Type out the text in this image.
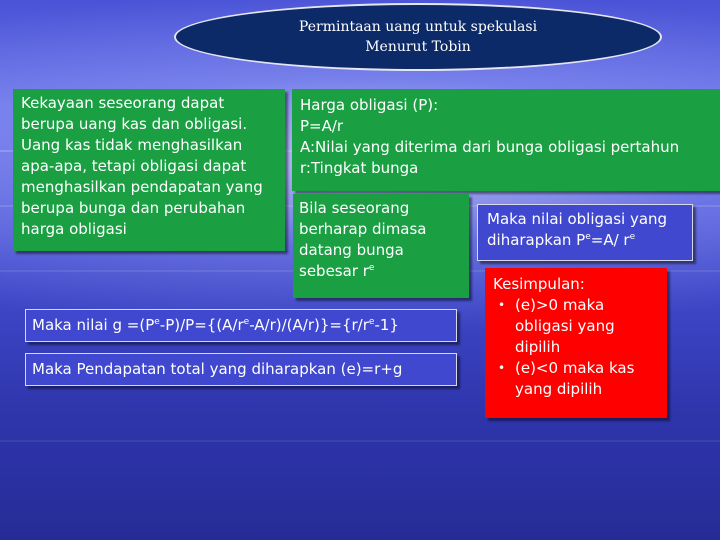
Permintaan uang untuk spekulasi
Menurut Tobin
Kekayaan seseorang dapat
berupa uang kas dan obligasi.
Uang kas tidak menghasilkan
apa-apa, tetapi obligasi dapat
menghasilkan pendapatan yang
berupa bunga dan perubahan
harga obligasi
Harga obligasi (P):
P=A/r
A:Nilai yang diterima dari bunga obligasi pertahun
r:Tingkat bunga
Bila seseorang
berharap dimasa
datang bunga
sebesar $r^e$
Maka nilai obligasi yang
diharapkan $P^e=A/$ $r^e$
Maka nilai $g =(P^e-P)/P=\{(A/r^e-A/r)/(A/r)\}=\{r/r^e-1\}$
Maka Pendapatan total yang diharapkan (e)=r+g
Kesimpulan:
• (e)>0 maka
obligasi yang
dipilih
• (e)<0 maka kas
yang dipilih
